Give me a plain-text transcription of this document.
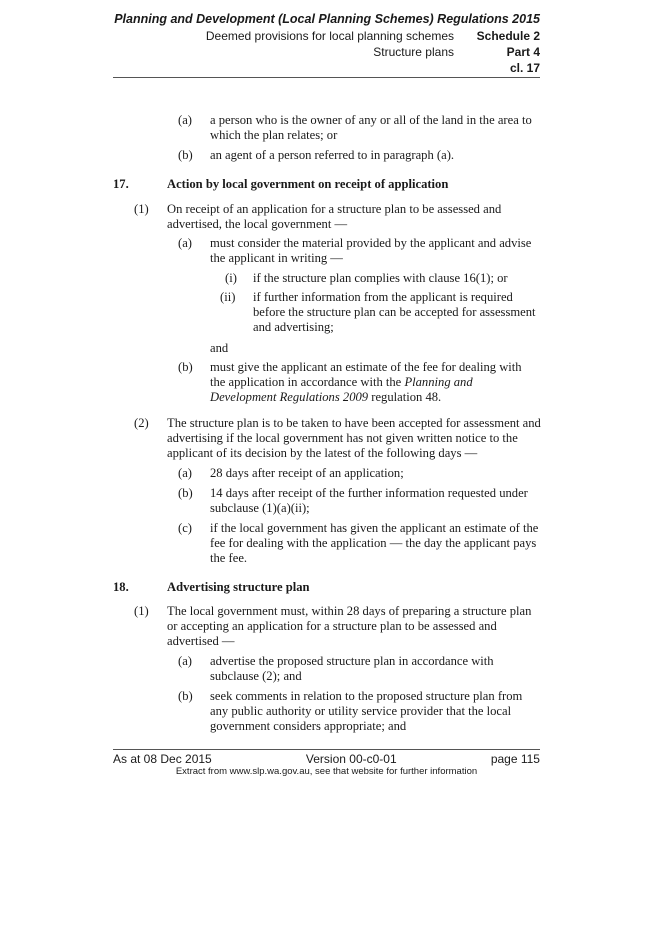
Planning and Development (Local Planning Schemes) Regulations 2015
Deemed provisions for local planning schemes	Schedule 2
Structure plans	Part 4
cl. 17
(a) a person who is the owner of any or all of the land in the area to which the plan relates; or
(b) an agent of a person referred to in paragraph (a).
17.	Action by local government on receipt of application
(1) On receipt of an application for a structure plan to be assessed and advertised, the local government —
(a) must consider the material provided by the applicant and advise the applicant in writing —
(i) if the structure plan complies with clause 16(1); or
(ii) if further information from the applicant is required before the structure plan can be accepted for assessment and advertising;
and
(b) must give the applicant an estimate of the fee for dealing with the application in accordance with the Planning and Development Regulations 2009 regulation 48.
(2) The structure plan is to be taken to have been accepted for assessment and advertising if the local government has not given written notice to the applicant of its decision by the latest of the following days —
(a) 28 days after receipt of an application;
(b) 14 days after receipt of the further information requested under subclause (1)(a)(ii);
(c) if the local government has given the applicant an estimate of the fee for dealing with the application — the day the applicant pays the fee.
18.	Advertising structure plan
(1) The local government must, within 28 days of preparing a structure plan or accepting an application for a structure plan to be assessed and advertised —
(a) advertise the proposed structure plan in accordance with subclause (2); and
(b) seek comments in relation to the proposed structure plan from any public authority or utility service provider that the local government considers appropriate; and
As at 08 Dec 2015	Version 00-c0-01	page 115
Extract from www.slp.wa.gov.au, see that website for further information
